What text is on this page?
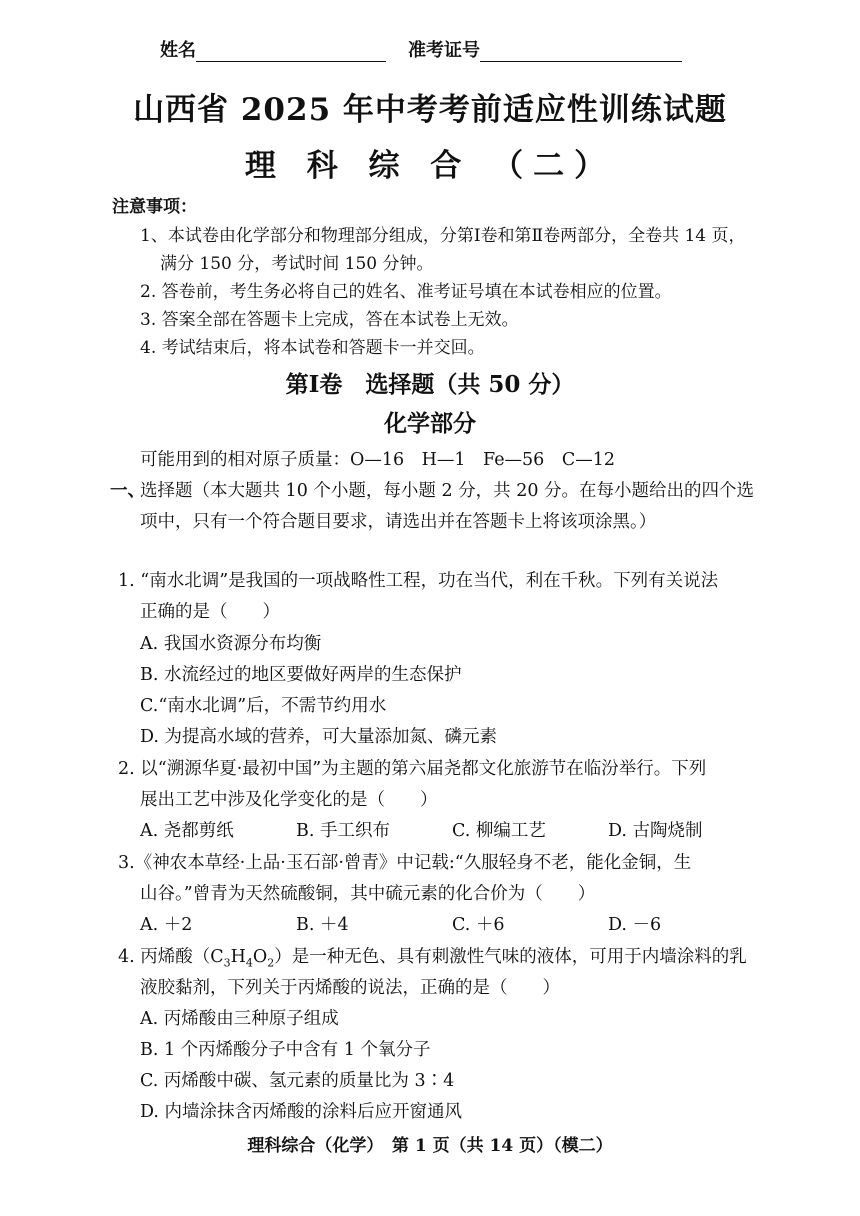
姓名	准考证号
山西省 2025 年中考考前适应性训练试题
理 科 综 合 （二）
注意事项：
1、本试卷由化学部分和物理部分组成，分第Ⅰ卷和第Ⅱ卷两部分，全卷共 14 页，
满分 150 分，考试时间 150 分钟。
2. 答卷前，考生务必将自己的姓名、准考证号填在本试卷相应的位置。
3. 答案全部在答题卡上完成，答在本试卷上无效。
4. 考试结束后，将本试卷和答题卡一并交回。
第Ⅰ卷　选择题（共 50 分）
化学部分
可能用到的相对原子质量：O—16　H—1　Fe—56　C—12
一、
选择题（本大题共 10 个小题，每小题 2 分，共 20 分。在每小题给出的四个选
项中，只有一个符合题目要求，请选出并在答题卡上将该项涂黑。）
1. “南水北调”是我国的一项战略性工程，功在当代，利在千秋。下列有关说法
正确的是（　　）
A. 我国水资源分布均衡
B. 水流经过的地区要做好两岸的生态保护
C.“南水北调”后，不需节约用水
D. 为提高水域的营养，可大量添加氮、磷元素
2. 以“溯源华夏·最初中国”为主题的第六届尧都文化旅游节在临汾举行。下列
展出工艺中涉及化学变化的是（　　）
A. 尧都剪纸	B. 手工织布	C. 柳编工艺	D. 古陶烧制
3.《神农本草经·上品·玉石部·曾青》中记载:“久服轻身不老，能化金铜，生
山谷。”曾青为天然硫酸铜，其中硫元素的化合价为（　　）
A. ＋2	B. ＋4	C. ＋6	D. －6
4. 丙烯酸$(C_3H_4O_2)$是一种无色、具有刺激性气味的液体，可用于内墙涂料的乳
液胶黏剂，下列关于丙烯酸的说法，正确的是（　　）
A. 丙烯酸由三种原子组成
B. 1 个丙烯酸分子中含有 1 个氧分子
C. 丙烯酸中碳、氢元素的质量比为 3∶4
D. 内墙涂抹含丙烯酸的涂料后应开窗通风
理科综合（化学）　第 1 页（共 14 页）（模二）
